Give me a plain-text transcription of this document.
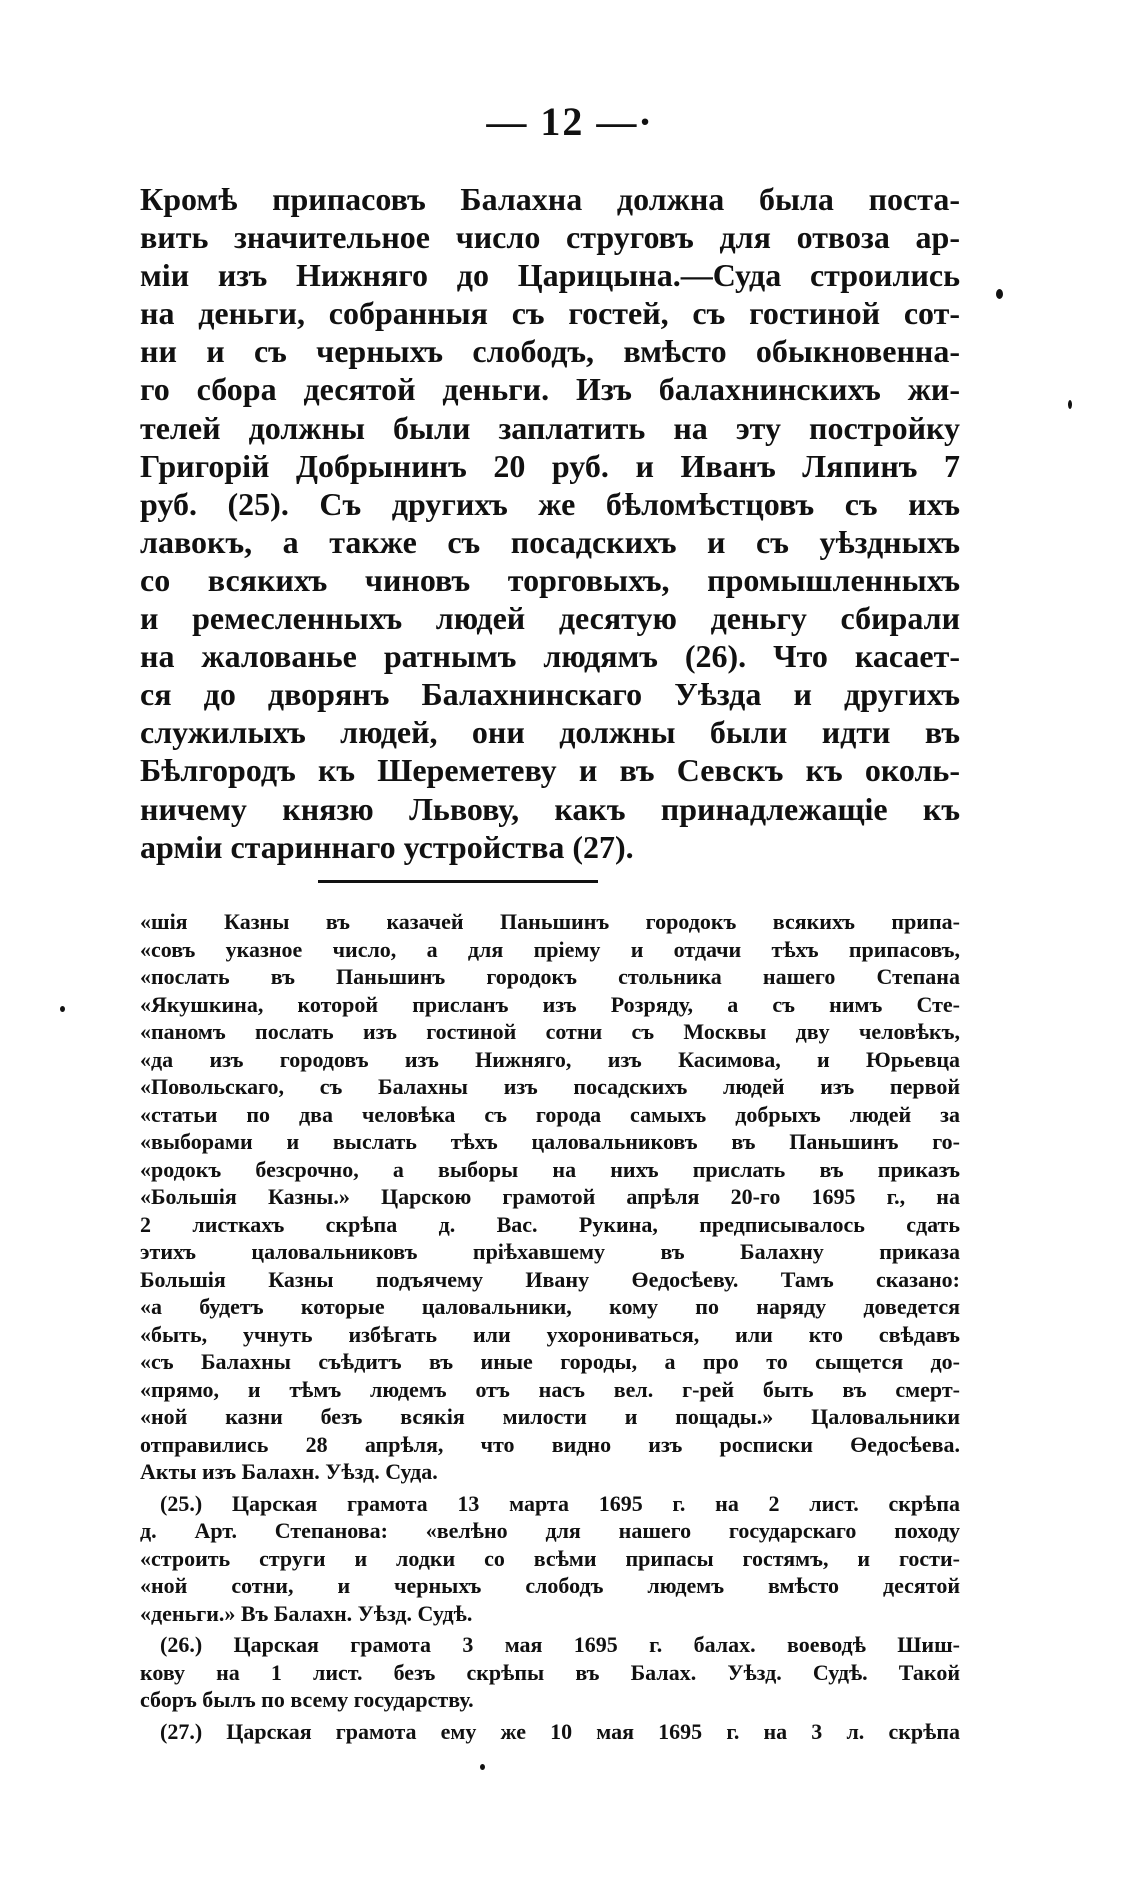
— 12 —·
Кромѣ припасовъ Балахна должна была поста-
вить значительное число струговъ для отвоза ар-
міи изъ Нижняго до Царицына.—Суда строились
на деньги, собранныя съ гостей, съ гостиной сот-
ни и съ черныхъ слободъ, вмѣсто обыкновенна-
го сбора десятой деньги. Изъ балахнинскихъ жи-
телей должны были заплатить на эту постройку
Григорій Добрынинъ 20 руб. и Иванъ Ляпинъ 7
руб. (25). Съ другихъ же бѣломѣстцовъ съ ихъ
лавокъ, а также съ посадскихъ и съ уѣздныхъ
со всякихъ чиновъ торговыхъ, промышленныхъ
и ремесленныхъ людей десятую деньгу сбирали
на жалованье ратнымъ людямъ (26). Что касает-
ся до дворянъ Балахнинскаго Уѣзда и другихъ
служилыхъ людей, они должны были идти въ
Бѣлгородъ къ Шереметеву и въ Севскъ къ околь-
ничему князю Львову, какъ принадлежащіе къ
арміи стариннаго устройства (27).
«шія Казны въ казачей Паньшинъ городокъ всякихъ припа-
«совъ указное число, а для пріему и отдачи тѣхъ припасовъ,
«послать въ Паньшинъ городокъ стольника нашего Степана
«Якушкина, которой присланъ изъ Розряду, а съ нимъ Сте-
«паномъ послать изъ гостиной сотни съ Москвы двy человѣкъ,
«да изъ городовъ изъ Нижняго, изъ Касимова, и Юрьевца
«Повольскаго, съ Балахны изъ посадскихъ людей изъ первой
«статьи по два человѣка съ города самыхъ добрыхъ людей за
«выборами и выслать тѣхъ цаловальниковъ въ Паньшинъ го-
«родокъ безсрочно, а выборы на нихъ прислать въ приказъ
«Большія Казны.» Царскою грамотой апрѣля 20-го 1695 г., на
2 листкахъ скрѣпа д. Вас. Рукина, предписывалось сдать
этихъ цаловальниковъ пріѣхавшему въ Балахну приказа
Большія Казны подъячему Ивану Өедосѣеву. Тамъ сказано:
«а будетъ которые цаловальники, кому по наряду доведется
«быть, учнуть избѣгать или ухорониваться, или кто свѣдавъ
«съ Балахны съѣдитъ въ иные городы, а про то сыщется до-
«прямо, и тѣмъ людемъ отъ насъ вел. г-рей быть въ смерт-
«ной казни безъ всякія милости и пощады.» Цаловальники
отправились 28 апрѣля, что видно изъ росписки Өедосѣева.
Акты изъ Балахн. Уѣзд. Суда.
(25.) Царская грамота 13 марта 1695 г. на 2 лист. скрѣпа
д. Арт. Степанова: «велѣно для нашего государскаго походу
«строить струги и лодки со всѣми припасы гостямъ, и гости-
«ной сотни, и черныхъ слободъ людемъ вмѣсто десятой
«деньги.» Въ Балахн. Уѣзд. Судѣ.
(26.) Царская грамота 3 мая 1695 г. балах. воеводѣ Шиш-
кову на 1 лист. безъ скрѣпы въ Балах. Уѣзд. Судѣ. Такой
сборъ былъ по всему государству.
(27.) Царская грамота ему же 10 мая 1695 г. на 3 л. скрѣпа
